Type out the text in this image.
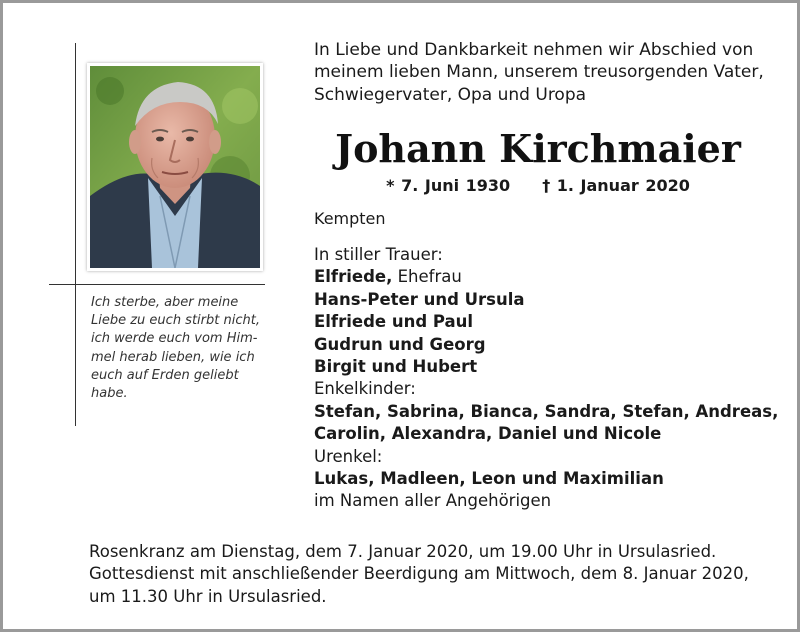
Ich sterbe, aber meine
Liebe zu euch stirbt nicht,
ich werde euch vom Him-
mel herab lieben, wie ich
euch auf Erden geliebt
habe.
In Liebe und Dankbarkeit nehmen wir Abschied von
meinem lieben Mann, unserem treusorgenden Vater,
Schwiegervater, Opa und Uropa
Johann Kirchmaier
* 7. Juni 1930 † 1. Januar 2020
Kempten
In stiller Trauer:
Elfriede, Ehefrau
Hans-Peter und Ursula
Elfriede und Paul
Gudrun und Georg
Birgit und Hubert
Enkelkinder:
Stefan, Sabrina, Bianca, Sandra, Stefan, Andreas,
Carolin, Alexandra, Daniel und Nicole
Urenkel:
Lukas, Madleen, Leon und Maximilian
im Namen aller Angehörigen
Rosenkranz am Dienstag, dem 7. Januar 2020, um 19.00 Uhr in Ursulasried.
Gottesdienst mit anschließender Beerdigung am Mittwoch, dem 8. Januar 2020,
um 11.30 Uhr in Ursulasried.
